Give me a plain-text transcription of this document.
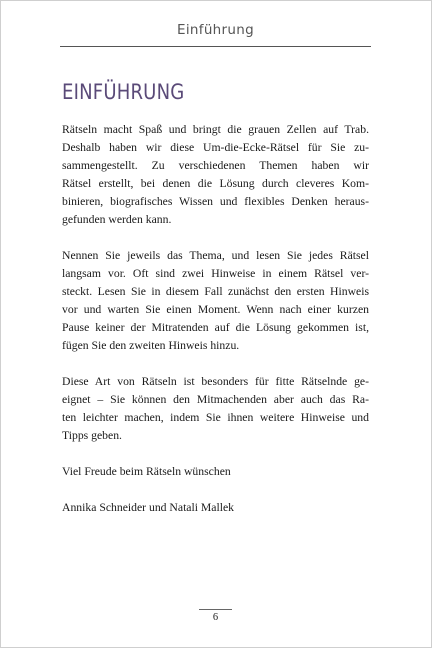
Einführung
EINFÜHRUNG
Rätseln macht Spaß und bringt die grauen Zellen auf Trab.
Deshalb haben wir diese Um-die-Ecke-Rätsel für Sie zu-
sammengestellt. Zu verschiedenen Themen haben wir
Rätsel erstellt, bei denen die Lösung durch cleveres Kom-
binieren, biografisches Wissen und flexibles Denken heraus-
gefunden werden kann.
Nennen Sie jeweils das Thema, und lesen Sie jedes Rätsel
langsam vor. Oft sind zwei Hinweise in einem Rätsel ver-
steckt. Lesen Sie in diesem Fall zunächst den ersten Hinweis
vor und warten Sie einen Moment. Wenn nach einer kurzen
Pause keiner der Mitratenden auf die Lösung gekommen ist,
fügen Sie den zweiten Hinweis hinzu.
Diese Art von Rätseln ist besonders für fitte Rätselnde ge-
eignet – Sie können den Mitmachenden aber auch das Ra-
ten leichter machen, indem Sie ihnen weitere Hinweise und
Tipps geben.
Viel Freude beim Rätseln wünschen
Annika Schneider und Natali Mallek
6
